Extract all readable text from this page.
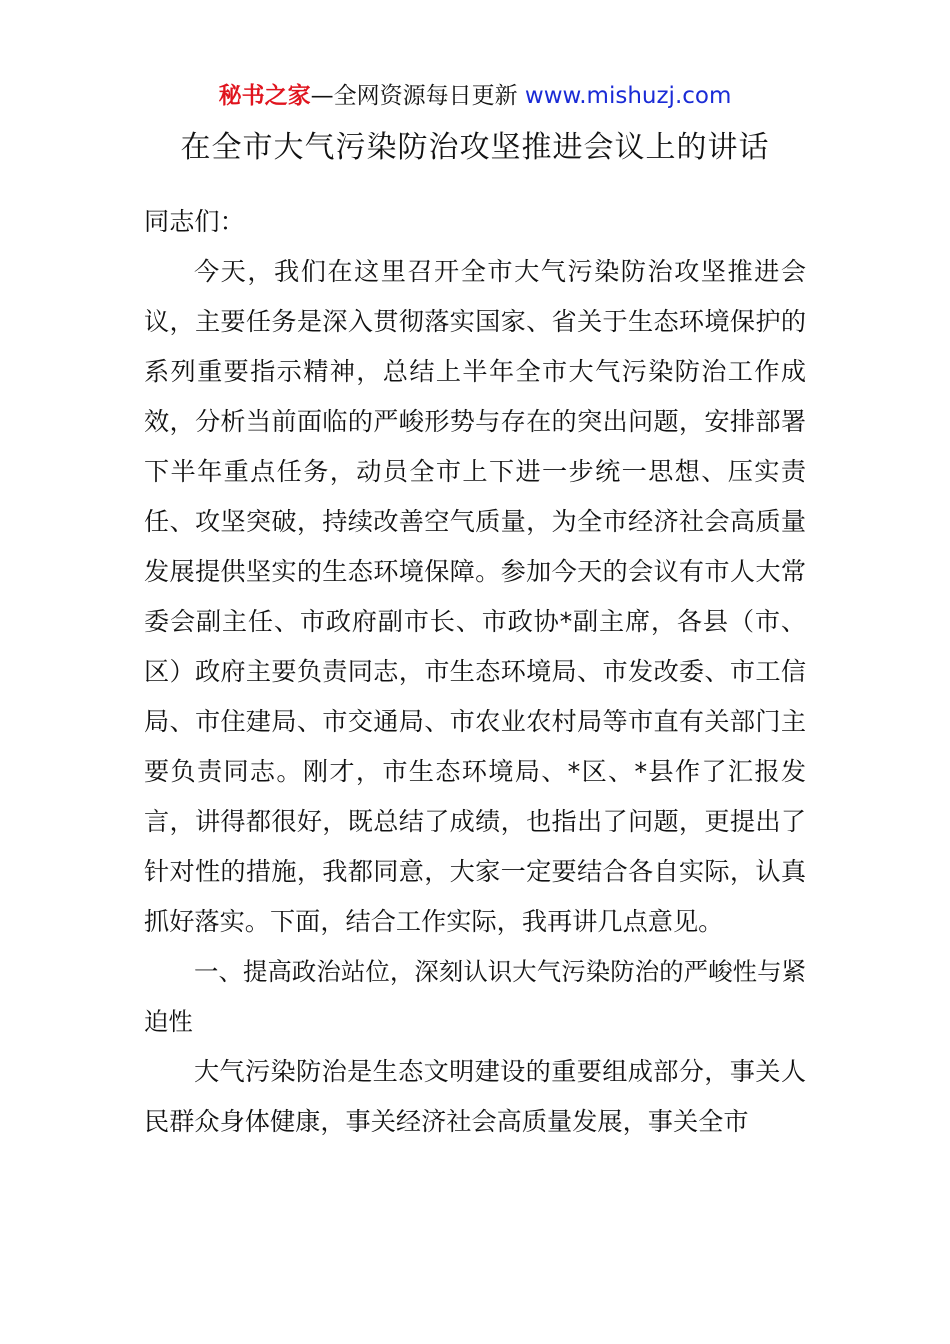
秘书之家—全网资源每日更新 www.mishuzj.com
在全市大气污染防治攻坚推进会议上的讲话

同志们：

今天，我们在这里召开全市大气污染防治攻坚推进会议，主要任务是深入贯彻落实国家、省关于生态环境保护的系列重要指示精神，总结上半年全市大气污染防治工作成效，分析当前面临的严峻形势与存在的突出问题，安排部署下半年重点任务，动员全市上下进一步统一思想、压实责任、攻坚突破，持续改善空气质量，为全市经济社会高质量发展提供坚实的生态环境保障。参加今天的会议有市人大常委会副主任、市政府副市长、市政协*副主席，各县（市、区）政府主要负责同志，市生态环境局、市发改委、市工信局、市住建局、市交通局、市农业农村局等市直有关部门主要负责同志。刚才，市生态环境局、*区、*县作了汇报发言，讲得都很好，既总结了成绩，也指出了问题，更提出了针对性的措施，我都同意，大家一定要结合各自实际，认真抓好落实。下面，结合工作实际，我再讲几点意见。

一、提高政治站位，深刻认识大气污染防治的严峻性与紧迫性

大气污染防治是生态文明建设的重要组成部分，事关人民群众身体健康，事关经济社会高质量发展，事关全市
